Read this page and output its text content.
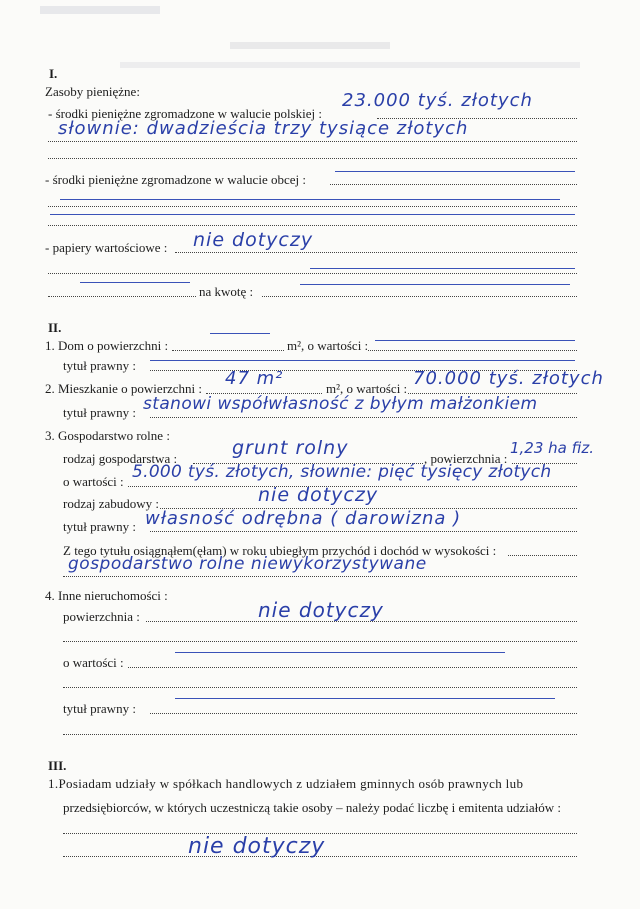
I.
Zasoby pieniężne:
- środki pieniężne zgromadzone w walucie polskiej :
23.000 tyś. złotych
słownie: dwadzieścia trzy tysiące złotych
- środki pieniężne zgromadzone w walucie obcej :
- papiery wartościowe : nie dotyczy
na kwotę :
II.
1. Dom o powierzchni :	m², o wartości :
tytuł prawny :
2. Mieszkanie o powierzchni : 47 m²	m², o wartości : 70.000 tyś. złotych
tytuł prawny : stanowi współwłasność z byłym małżonkiem
3. Gospodarstwo rolne :
rodzaj gospodarstwa :	grunt rolny	, powierzchnia :
1,23 ha fiz.
o wartości : 5.000 tyś. złotych, słownie: pięć tysięcy złotych
rodzaj zabudowy :	nie dotyczy
tytuł prawny : własność odrębna ( darowizna )
Z tego tytułu osiągnąłem(ęłam) w roku ubiegłym przychód i dochód w wysokości :
gospodarstwo rolne niewykorzystywane
4. Inne nieruchomości :
powierzchnia :	nie dotyczy
o wartości :
tytuł prawny :
III.
1.Posiadam udziały w spółkach handlowych z udziałem gminnych osób prawnych lub
przedsiębiorców, w których uczestniczą takie osoby – należy podać liczbę i emitenta udziałów :
nie dotyczy
